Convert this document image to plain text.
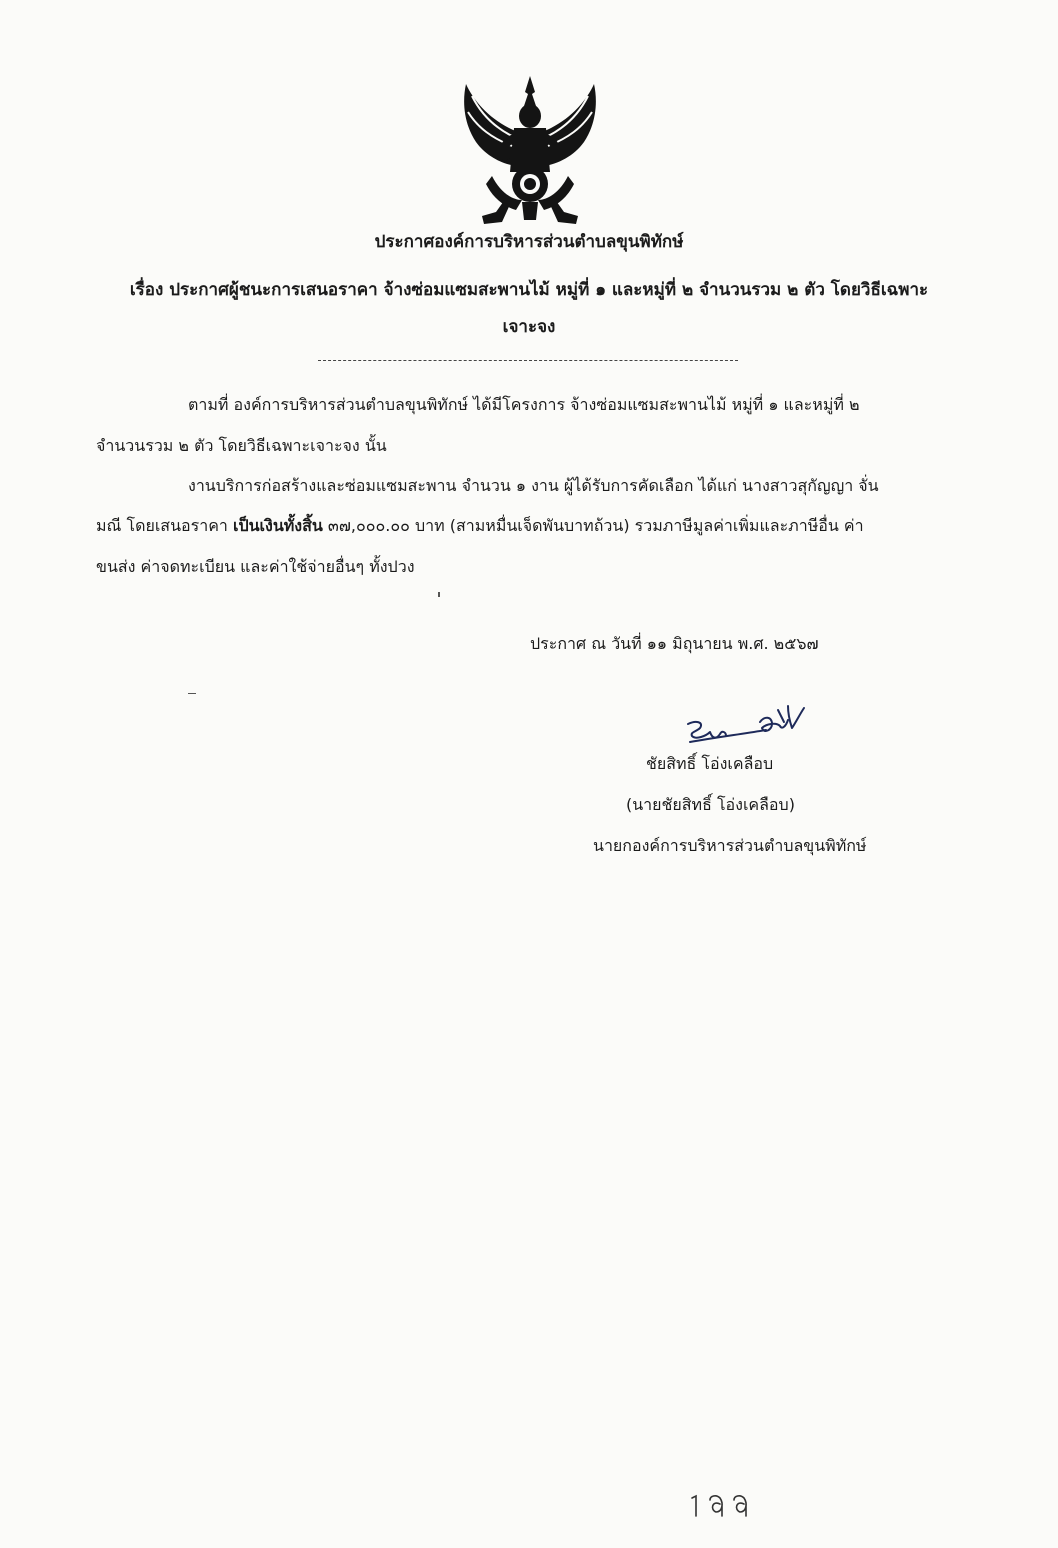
ประกาศองค์การบริหารส่วนตำบลขุนพิทักษ์
เรื่อง ประกาศผู้ชนะการเสนอราคา จ้างซ่อมแซมสะพานไม้ หมู่ที่ ๑ และหมู่ที่ ๒ จำนวนรวม ๒ ตัว โดยวิธีเฉพาะ
เจาะจง
ตามที่ องค์การบริหารส่วนตำบลขุนพิทักษ์ ได้มีโครงการ จ้างซ่อมแซมสะพานไม้ หมู่ที่ ๑ และหมู่ที่ ๒
จำนวนรวม ๒ ตัว โดยวิธีเฉพาะเจาะจง นั้น
งานบริการก่อสร้างและซ่อมแซมสะพาน จำนวน ๑ งาน ผู้ได้รับการคัดเลือก ได้แก่ นางสาวสุกัญญา จั่น
มณี โดยเสนอราคา เป็นเงินทั้งสิ้น ๓๗,๐๐๐.๐๐ บาท (สามหมื่นเจ็ดพันบาทถ้วน) รวมภาษีมูลค่าเพิ่มและภาษีอื่น ค่า
ขนส่ง ค่าจดทะเบียน และค่าใช้จ่ายอื่นๆ ทั้งปวง
ประกาศ ณ วันที่ ๑๑ มิถุนายน พ.ศ. ๒๕๖๗
ชัยสิทธิ์ โอ่งเคลือบ
(นายชัยสิทธิ์ โอ่งเคลือบ)
นายกองค์การบริหารส่วนตำบลขุนพิทักษ์
